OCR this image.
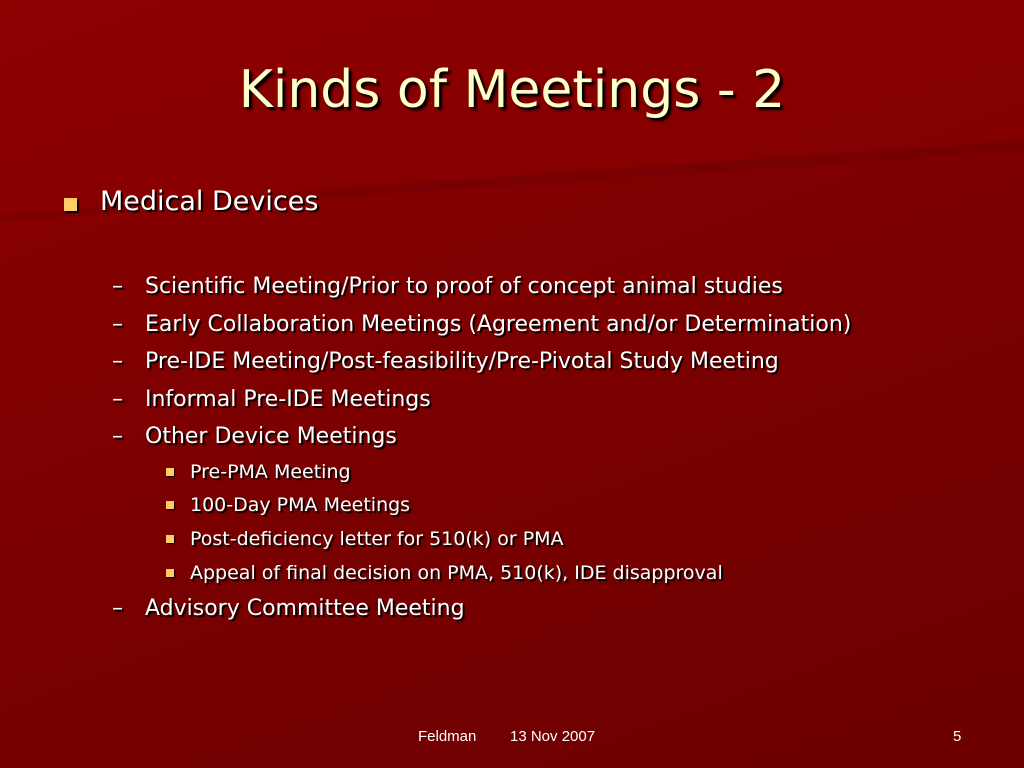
Kinds of Meetings - 2
Medical Devices
– Scientific Meeting/Prior to proof of concept animal studies
– Early Collaboration Meetings (Agreement and/or Determination)
– Pre-IDE Meeting/Post-feasibility/Pre-Pivotal Study Meeting
– Informal Pre-IDE Meetings
– Other Device Meetings
Pre-PMA Meeting
100-Day PMA Meetings
Post-deficiency letter for 510(k) or PMA
Appeal of final decision on PMA, 510(k), IDE disapproval
– Advisory Committee Meeting
Feldman 13 Nov 2007	5
